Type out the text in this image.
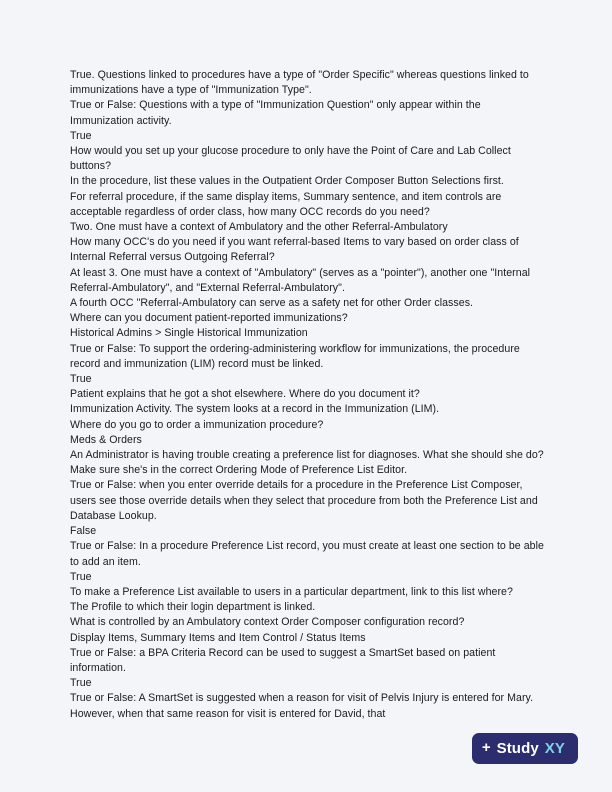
True. Questions linked to procedures have a type of "Order Specific" whereas questions linked to immunizations have a type of "Immunization Type".

True or False: Questions with a type of "Immunization Question" only appear within the Immunization activity.

True

How would you set up your glucose procedure to only have the Point of Care and Lab Collect buttons?

In the procedure, list these values in the Outpatient Order Composer Button Selections first.

For referral procedure, if the same display items, Summary sentence, and item controls are acceptable regardless of order class, how many OCC records do you need?

Two. One must have a context of Ambulatory and the other Referral-Ambulatory

How many OCC's do you need if you want referral-based Items to vary based on order class of Internal Referral versus Outgoing Referral?

At least 3. One must have a context of "Ambulatory" (serves as a "pointer"), another one "Internal Referral-Ambulatory", and "External Referral-Ambulatory".

A fourth OCC "Referral-Ambulatory can serve as a safety net for other Order classes.

Where can you document patient-reported immunizations?

Historical Admins > Single Historical Immunization

True or False: To support the ordering-administering workflow for immunizations, the procedure record and immunization (LIM) record must be linked.

True

Patient explains that he got a shot elsewhere. Where do you document it?

Immunization Activity. The system looks at a record in the Immunization (LIM).

Where do you go to order a immunization procedure?

Meds & Orders

An Administrator is having trouble creating a preference list for diagnoses. What she should she do?

Make sure she's in the correct Ordering Mode of Preference List Editor.

True or False: when you enter override details for a procedure in the Preference List Composer, users see those override details when they select that procedure from both the Preference List and Database Lookup.

False

True or False: In a procedure Preference List record, you must create at least one section to be able to add an item.

True

To make a Preference List available to users in a particular department, link to this list where?

The Profile to which their login department is linked.

What is controlled by an Ambulatory context Order Composer configuration record?

Display Items, Summary Items and Item Control / Status Items

True or False: a BPA Criteria Record can be used to suggest a SmartSet based on patient information.

True

True or False: A SmartSet is suggested when a reason for visit of Pelvis Injury is entered for Mary. However, when that same reason for visit is entered for David, that

+ Study XY
